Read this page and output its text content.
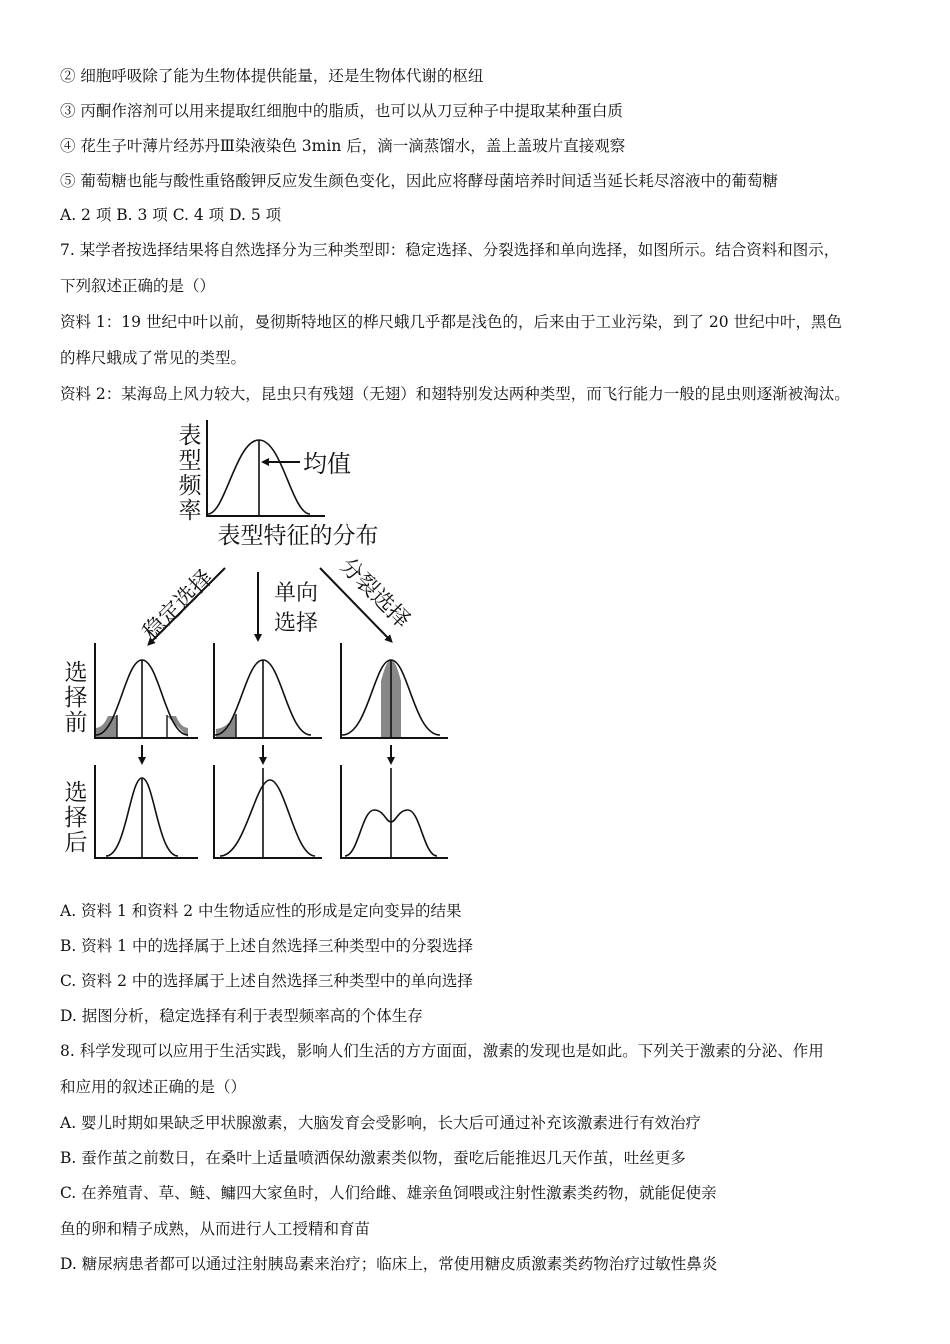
② 细胞呼吸除了能为生物体提供能量，还是生物体代谢的枢纽
③ 丙酮作溶剂可以用来提取红细胞中的脂质，也可以从刀豆种子中提取某种蛋白质
④ 花生子叶薄片经苏丹Ⅲ染液染色 3min 后，滴一滴蒸馏水，盖上盖玻片直接观察
⑤ 葡萄糖也能与酸性重铬酸钾反应发生颜色变化，因此应将酵母菌培养时间适当延长耗尽溶液中的葡萄糖
A. 2 项 B. 3 项 C. 4 项 D. 5 项
7. 某学者按选择结果将自然选择分为三种类型即：稳定选择、分裂选择和单向选择，如图所示。结合资料和图示，
下列叙述正确的是（）
资料 1：19 世纪中叶以前，曼彻斯特地区的桦尺蛾几乎都是浅色的，后来由于工业污染，到了 20 世纪中叶，黑色
的桦尺蛾成了常见的类型。
资料 2：某海岛上风力较大，昆虫只有残翅（无翅）和翅特别发达两种类型，而飞行能力一般的昆虫则逐渐被淘汰。
表
型
频
率
均值
表型特征的分布
稳定选择	单向
选择 分裂选择
选
择
前
选
择
后
A. 资料 1 和资料 2 中生物适应性的形成是定向变异的结果
B. 资料 1 中的选择属于上述自然选择三种类型中的分裂选择
C. 资料 2 中的选择属于上述自然选择三种类型中的单向选择
D. 据图分析，稳定选择有利于表型频率高的个体生存
8. 科学发现可以应用于生活实践，影响人们生活的方方面面，激素的发现也是如此。下列关于激素的分泌、作用
和应用的叙述正确的是（）
A. 婴儿时期如果缺乏甲状腺激素，大脑发育会受影响，长大后可通过补充该激素进行有效治疗
B. 蚕作茧之前数日，在桑叶上适量喷洒保幼激素类似物，蚕吃后能推迟几天作茧，吐丝更多
C. 在养殖青、草、鲢、鳙四大家鱼时，人们给雌、雄亲鱼饲喂或注射性激素类药物，就能促使亲
鱼的卵和精子成熟，从而进行人工授精和育苗
D. 糖尿病患者都可以通过注射胰岛素来治疗；临床上，常使用糖皮质激素类药物治疗过敏性鼻炎
